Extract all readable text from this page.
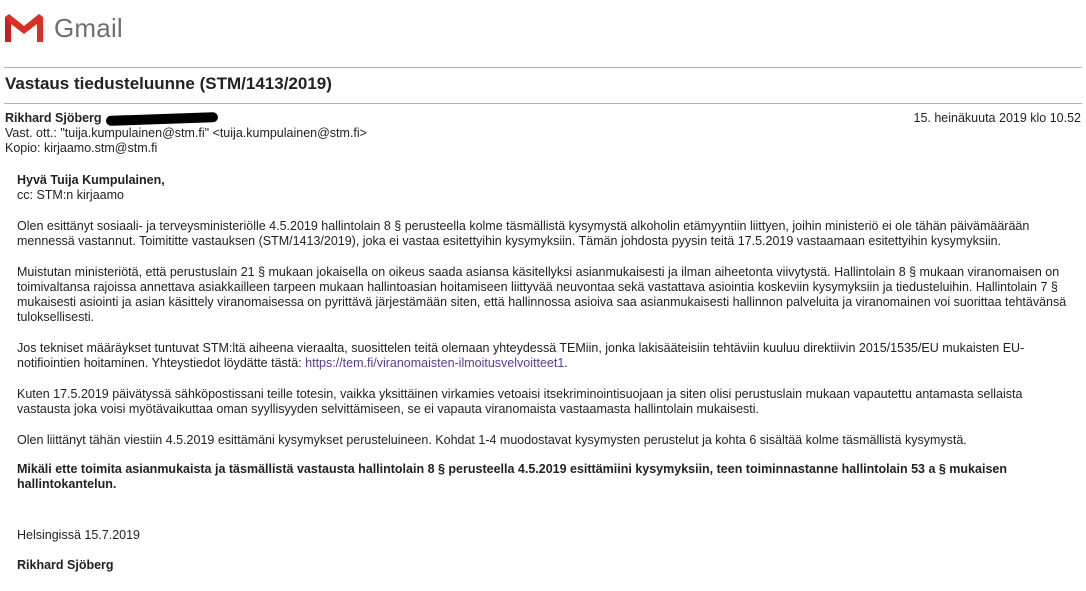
Gmail
Vastaus tiedusteluunne (STM/1413/2019)
Rikhard Sjöberg	15. heinäkuuta 2019 klo 10.52
Vast. ott.: "tuija.kumpulainen@stm.fi" <tuija.kumpulainen@stm.fi>
Kopio: kirjaamo.stm@stm.fi

Hyvä Tuija Kumpulainen,

cc: STM:n kirjaamo

Olen esittänyt sosiaali- ja terveysministeriölle 4.5.2019 hallintolain 8 § perusteella kolme täsmällistä kysymystä alkoholin etämyyntiin liittyen, joihin ministeriö ei ole tähän päivämäärään mennessä vastannut. Toimititte vastauksen (STM/1413/2019), joka ei vastaa esitettyihin kysymyksiin. Tämän johdosta pyysin teitä 17.5.2019 vastaamaan esitettyihin kysymyksiin.

Muistutan ministeriötä, että perustuslain 21 § mukaan jokaisella on oikeus saada asiansa käsitellyksi asianmukaisesti ja ilman aiheetonta viivytystä. Hallintolain 8 § mukaan viranomaisen on toimivaltansa rajoissa annettava asiakkailleen tarpeen mukaan hallintoasian hoitamiseen liittyvää neuvontaa sekä vastattava asiointia koskeviin kysymyksiin ja tiedusteluihin. Hallintolain 7 § mukaisesti asiointi ja asian käsittely viranomaisessa on pyrittävä järjestämään siten, että hallinnossa asioiva saa asianmukaisesti hallinnon palveluita ja viranomainen voi suorittaa tehtävänsä tuloksellisesti.

Jos tekniset määräykset tuntuvat STM:ltä aiheena vieraalta, suosittelen teitä olemaan yhteydessä TEMiin, jonka lakisääteisiin tehtäviin kuuluu direktiivin 2015/1535/EU mukaisten EU-notifiointien hoitaminen. Yhteystiedot löydätte tästä: https://tem.fi/viranomaisten-ilmoitusvelvoitteet1.

Kuten 17.5.2019 päivätyssä sähköpostissani teille totesin, vaikka yksittäinen virkamies vetoaisi itsekriminointisuojaan ja siten olisi perustuslain mukaan vapautettu antamasta sellaista vastausta joka voisi myötävaikuttaa oman syyllisyyden selvittämiseen, se ei vapauta viranomaista vastaamasta hallintolain mukaisesti.

Olen liittänyt tähän viestiin 4.5.2019 esittämäni kysymykset perusteluineen. Kohdat 1-4 muodostavat kysymysten perustelut ja kohta 6 sisältää kolme täsmällistä kysymystä.

Mikäli ette toimita asianmukaista ja täsmällistä vastausta hallintolain 8 § perusteella 4.5.2019 esittämiini kysymyksiin, teen toiminnastanne hallintolain 53 a § mukaisen hallintokantelun.

Helsingissä 15.7.2019

Rikhard Sjöberg
